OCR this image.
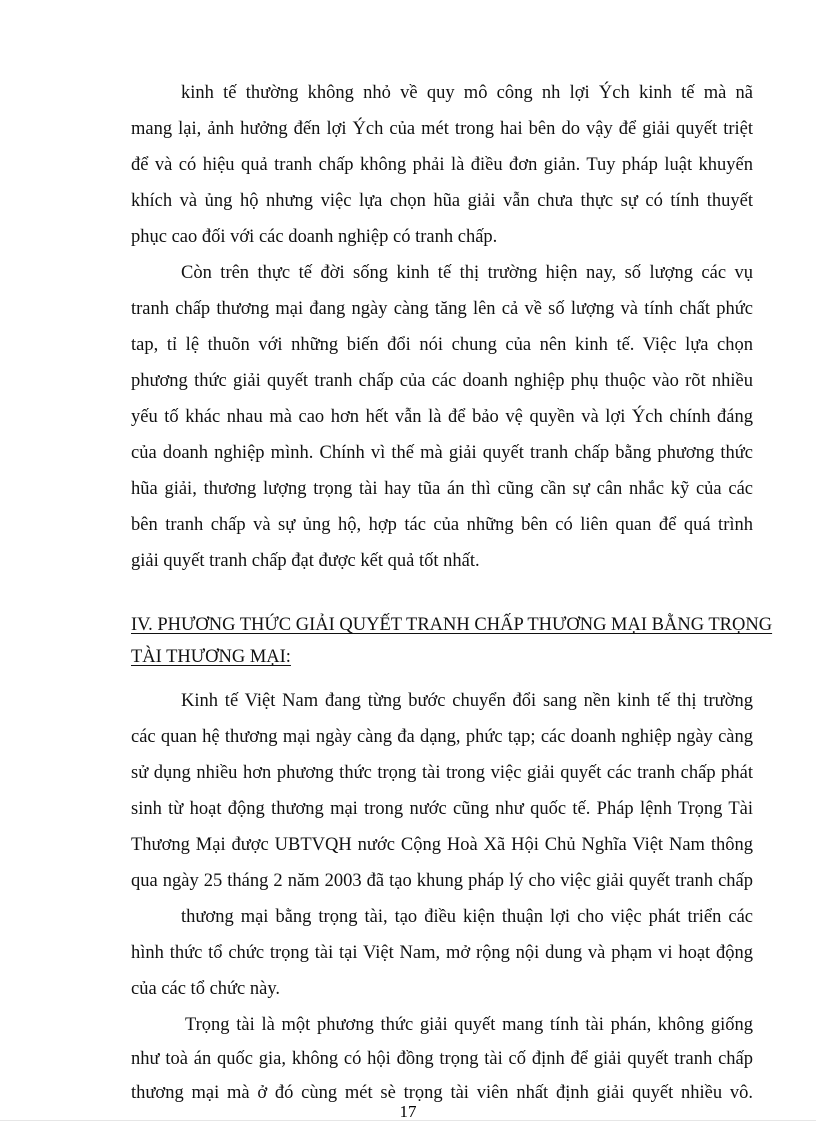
kinh tế thường không nhỏ về quy mô công nh lợi Ých kinh tế mà nã
mang lại, ảnh hưởng đến lợi Ých của mét trong hai bên do vậy để giải quyết triệt
để và có hiệu quả tranh chấp không phải là điều đơn giản. Tuy pháp luật khuyến
khích và ủng hộ nhưng việc lựa chọn hũa giải vẫn chưa thực sự có tính thuyết
phục cao đối với các doanh nghiệp có tranh chấp.
Còn trên thực tế đời sống kinh tế thị trường hiện nay, số lượng các vụ
tranh chấp thương mại đang ngày càng tăng lên cả về số lượng và tính chất phức
tap, tỉ lệ thuõn với những biến đổi nói chung của nên kinh tế. Việc lựa chọn
phương thức giải quyết tranh chấp của các doanh nghiệp phụ thuộc vào rõt nhiều
yếu tố khác nhau mà cao hơn hết vẫn là để bảo vệ quyền và lợi Ých chính đáng
của doanh nghiệp mình. Chính vì thế mà giải quyết tranh chấp bằng phương thức
hũa giải, thương lượng trọng tài hay tũa án thì cũng cần sự cân nhắc kỹ của các
bên tranh chấp và sự ủng hộ, hợp tác của những bên có liên quan để quá trình
giải quyết tranh chấp đạt được kết quả tốt nhất.
IV. PHƯƠNG THỨC GIẢI QUYẾT TRANH CHẤP THƯƠNG MẠI BẰNG TRỌNG
TÀI THƯƠNG MẠI:
Kinh tế Việt Nam đang từng bước chuyển đổi sang nền kinh tế thị trường
các quan hệ thương mại ngày càng đa dạng, phức tạp; các doanh nghiệp ngày càng
sử dụng nhiều hơn phương thức trọng tài trong việc giải quyết các tranh chấp phát
sinh từ hoạt động thương mại trong nước cũng như quốc tế. Pháp lệnh Trọng Tài
Thương Mại được UBTVQH nước Cộng Hoà Xã Hội Chủ Nghĩa Việt Nam thông
qua ngày 25 tháng 2 năm 2003 đã tạo khung pháp lý cho việc giải quyết tranh chấp
thương mại bằng trọng tài, tạo điều kiện thuận lợi cho việc phát triển các
hình thức tổ chức trọng tài tại Việt Nam, mở rộng nội dung và phạm vi hoạt động
của các tổ chức này.
Trọng tài là một phương thức giải quyết mang tính tài phán, không giống
như toà án quốc gia, không có hội đồng trọng tài cố định để giải quyết tranh chấp
thương mại mà ở đó cùng mét sè trọng tài viên nhất định giải quyết nhiều vô.
17
